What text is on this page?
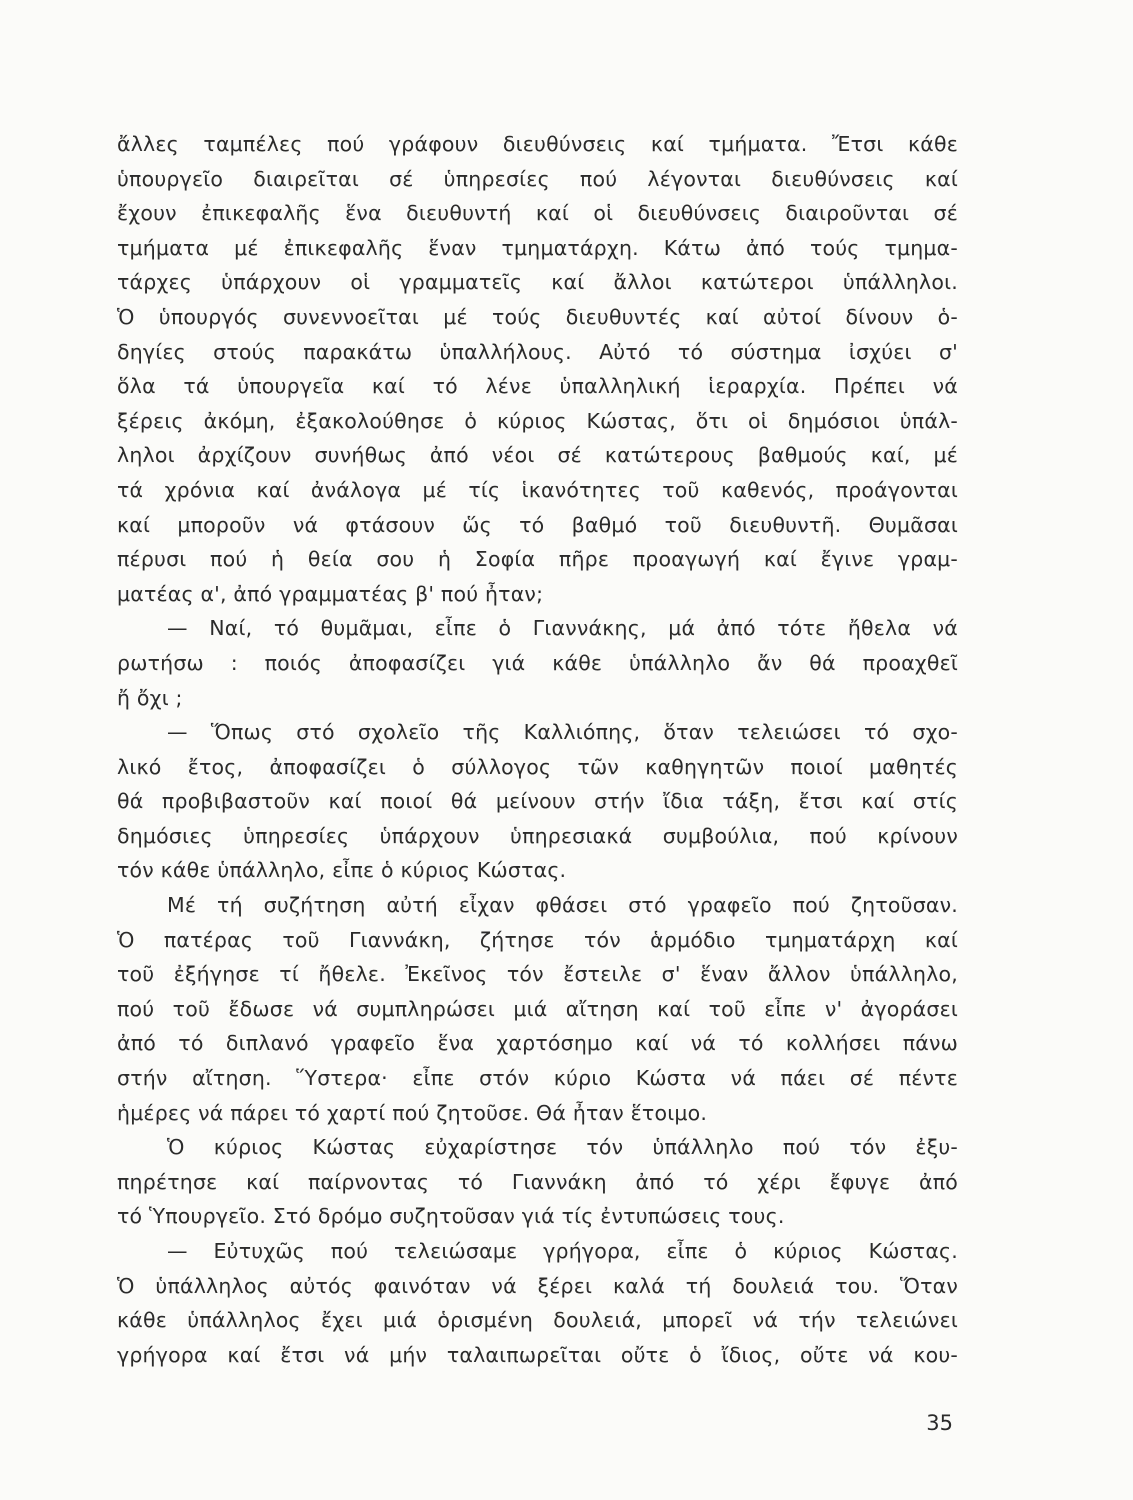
ἄλλες ταμπέλες πού γράφουν διευθύνσεις καί τμήματα. Ἔτσι κάθε
ὑπουργεῖο διαιρεῖται σέ ὑπηρεσίες πού λέγονται διευθύνσεις καί
ἔχουν ἐπικεφαλῆς ἕνα διευθυντή καί οἱ διευθύνσεις διαιροῦνται σέ
τμήματα μέ ἐπικεφαλῆς ἕναν τμηματάρχη. Κάτω ἀπό τούς τμημα-
τάρχες ὑπάρχουν οἱ γραμματεῖς καί ἄλλοι κατώτεροι ὑπάλληλοι.
Ὁ ὑπουργός συνεννοεῖται μέ τούς διευθυντές καί αὐτοί δίνουν ὁ-
δηγίες στούς παρακάτω ὑπαλλήλους. Αὐτό τό σύστημα ἰσχύει σ'
ὅλα τά ὑπουργεῖα καί τό λένε ὑπαλληλική ἱεραρχία. Πρέπει νά
ξέρεις ἀκόμη, ἐξακολούθησε ὁ κύριος Κώστας, ὅτι οἱ δημόσιοι ὑπάλ-
ληλοι ἀρχίζουν συνήθως ἀπό νέοι σέ κατώτερους βαθμούς καί, μέ
τά χρόνια καί ἀνάλογα μέ τίς ἱκανότητες τοῦ καθενός, προάγονται
καί μποροῦν νά φτάσουν ὥς τό βαθμό τοῦ διευθυντῆ. Θυμᾶσαι
πέρυσι πού ἡ θεία σου ἡ Σοφία πῆρε προαγωγή καί ἔγινε γραμ-
ματέας α', ἀπό γραμματέας β' πού ἦταν;
— Ναί, τό θυμᾶμαι, εἶπε ὁ Γιαννάκης, μά ἀπό τότε ἤθελα νά
ρωτήσω : ποιός ἀποφασίζει γιά κάθε ὑπάλληλο ἄν θά προαχθεῖ
ἤ ὄχι ;
— Ὅπως στό σχολεῖο τῆς Καλλιόπης, ὅταν τελειώσει τό σχο-
λικό ἔτος, ἀποφασίζει ὁ σύλλογος τῶν καθηγητῶν ποιοί μαθητές
θά προβιβαστοῦν καί ποιοί θά μείνουν στήν ἴδια τάξη, ἔτσι καί στίς
δημόσιες ὑπηρεσίες ὑπάρχουν ὑπηρεσιακά συμβούλια, πού κρίνουν
τόν κάθε ὑπάλληλο, εἶπε ὁ κύριος Κώστας.
Μέ τή συζήτηση αὐτή εἶχαν φθάσει στό γραφεῖο πού ζητοῦσαν.
Ὁ πατέρας τοῦ Γιαννάκη, ζήτησε τόν ἁρμόδιο τμηματάρχη καί
τοῦ ἐξήγησε τί ἤθελε. Ἐκεῖνος τόν ἔστειλε σ' ἕναν ἄλλον ὑπάλληλο,
πού τοῦ ἔδωσε νά συμπληρώσει μιά αἴτηση καί τοῦ εἶπε ν' ἀγοράσει
ἀπό τό διπλανό γραφεῖο ἕνα χαρτόσημο καί νά τό κολλήσει πάνω
στήν αἴτηση. Ὕστερα· εἶπε στόν κύριο Κώστα νά πάει σέ πέντε
ἡμέρες νά πάρει τό χαρτί πού ζητοῦσε. Θά ἦταν ἕτοιμο.
Ὁ κύριος Κώστας εὐχαρίστησε τόν ὑπάλληλο πού τόν ἐξυ-
πηρέτησε καί παίρνοντας τό Γιαννάκη ἀπό τό χέρι ἔφυγε ἀπό
τό Ὑπουργεῖο. Στό δρόμο συζητοῦσαν γιά τίς ἐντυπώσεις τους.
— Εὐτυχῶς πού τελειώσαμε γρήγορα, εἶπε ὁ κύριος Κώστας.
Ὁ ὑπάλληλος αὐτός φαινόταν νά ξέρει καλά τή δουλειά του. Ὅταν
κάθε ὑπάλληλος ἔχει μιά ὁρισμένη δουλειά, μπορεῖ νά τήν τελειώνει
γρήγορα καί ἔτσι νά μήν ταλαιπωρεῖται οὔτε ὁ ἴδιος, οὔτε νά κου-
35
